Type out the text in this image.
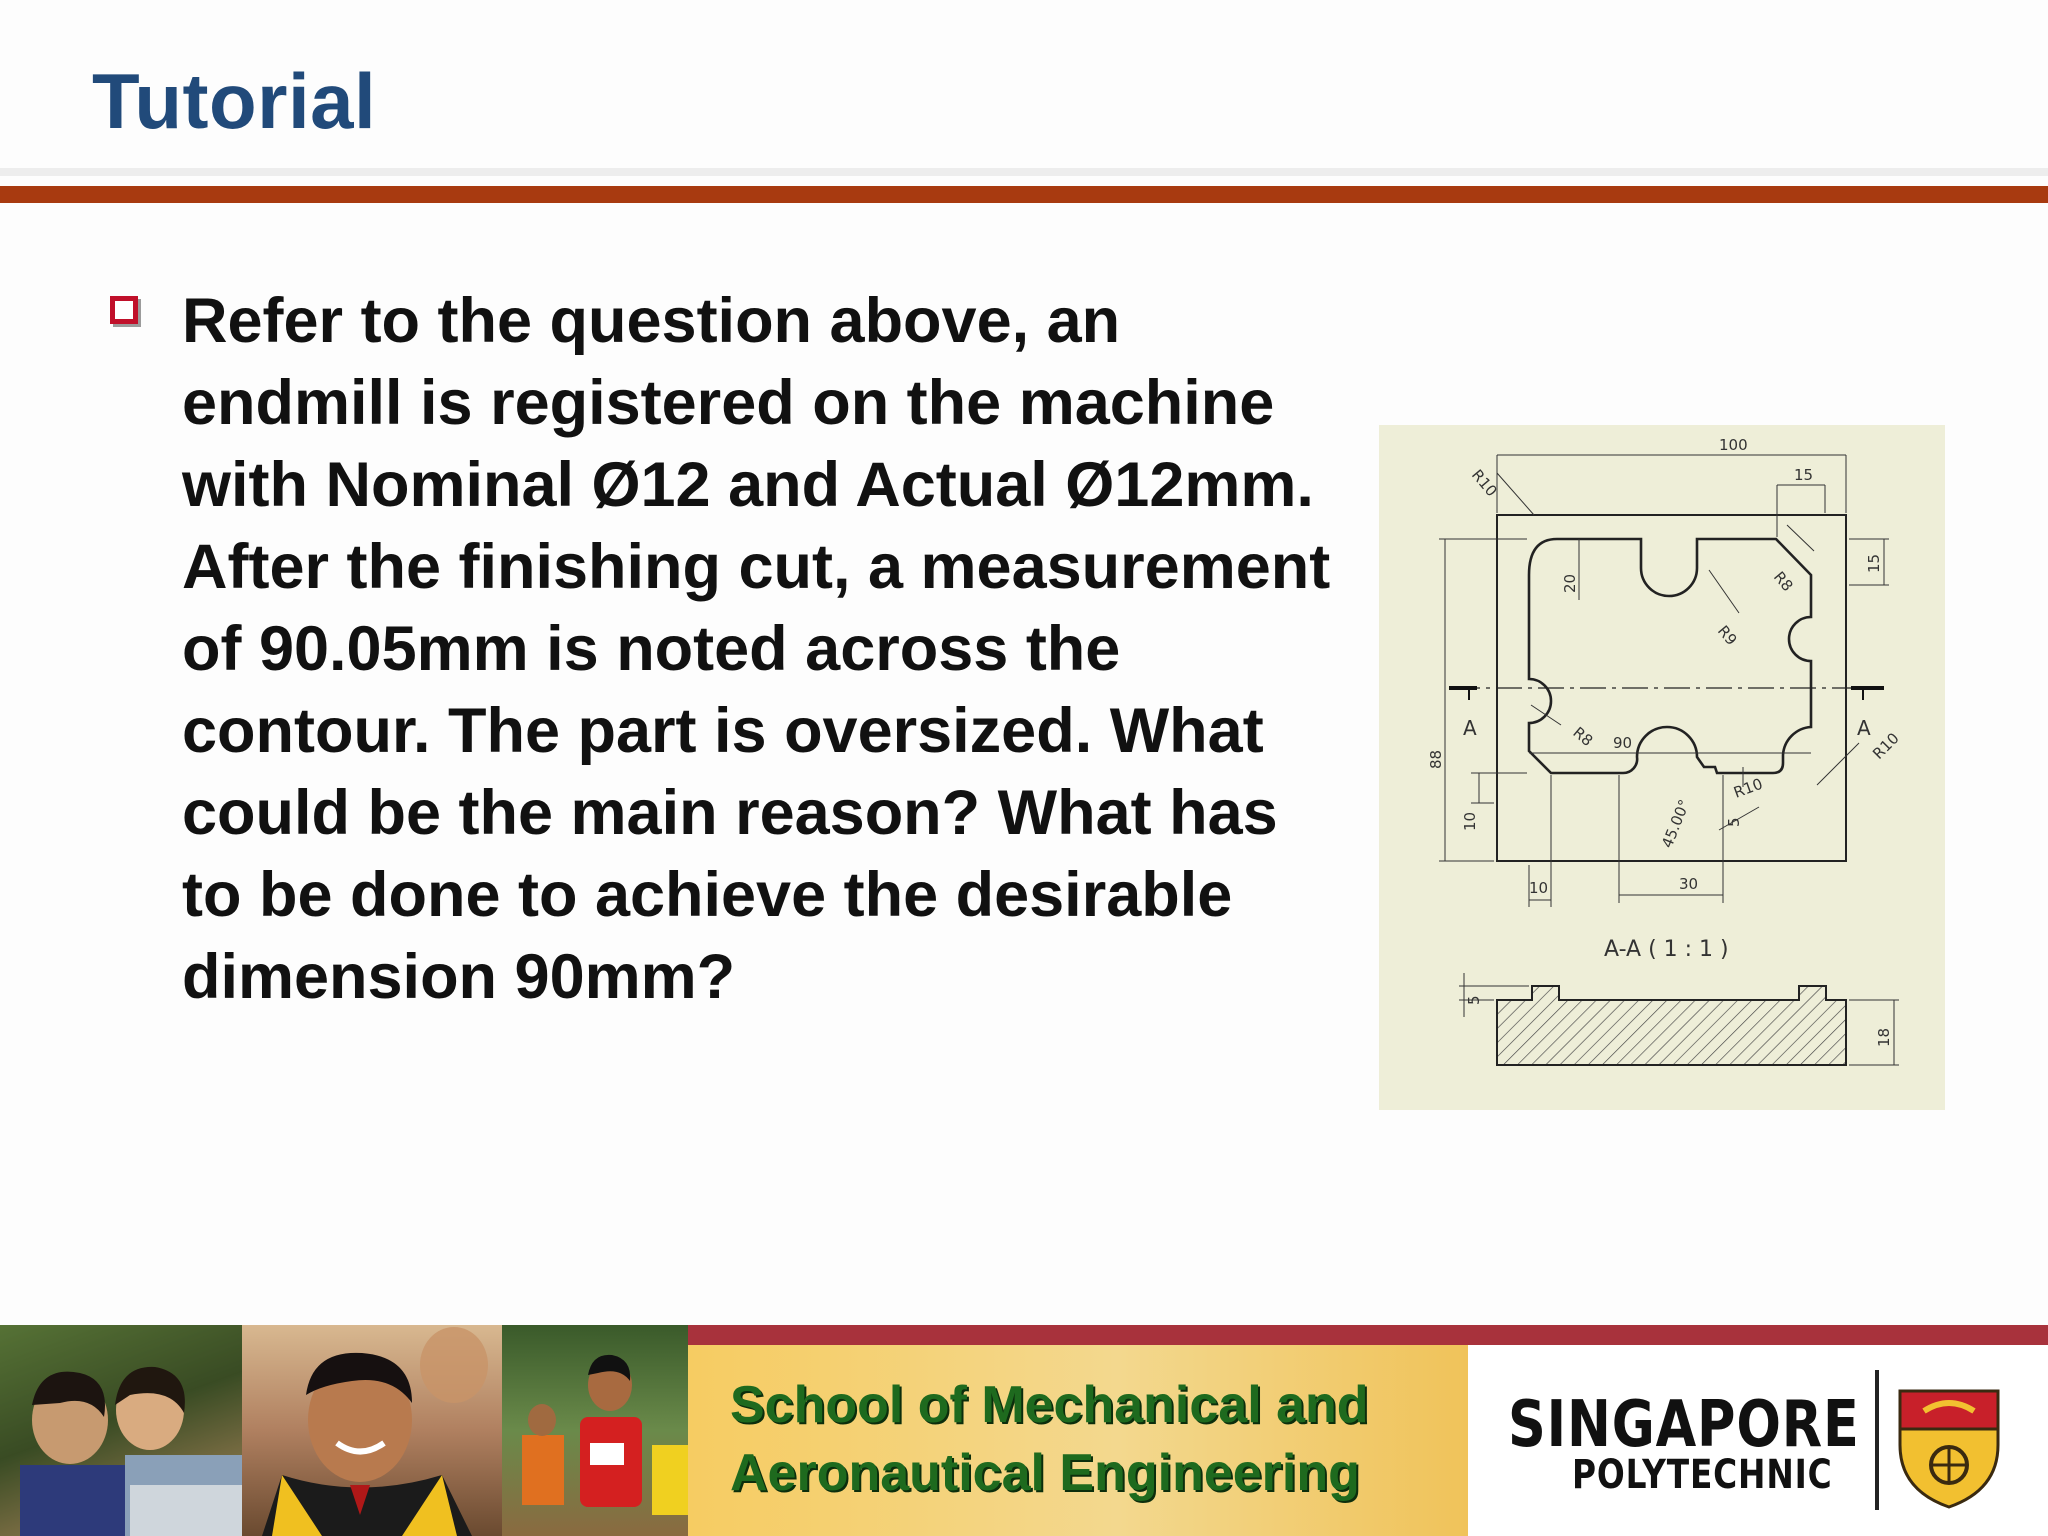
Tutorial

Refer to the question above, an endmill is registered on the machine with Nominal Ø12 and Actual Ø12mm. After the finishing cut, a measurement of 90.05mm is noted across the contour. The part is oversized. What could be the main reason? What has to be done to achieve the desirable dimension 90mm?

A	A
100
15
15
20
88
90
10
10	30
5
5
18
R10
R8
R9
R8
R10
R10
45.00°
A-A ( 1 : 1 )
School of Mechanical and
Aeronautical Engineering
SINGAPORE
POLYTECHNIC
